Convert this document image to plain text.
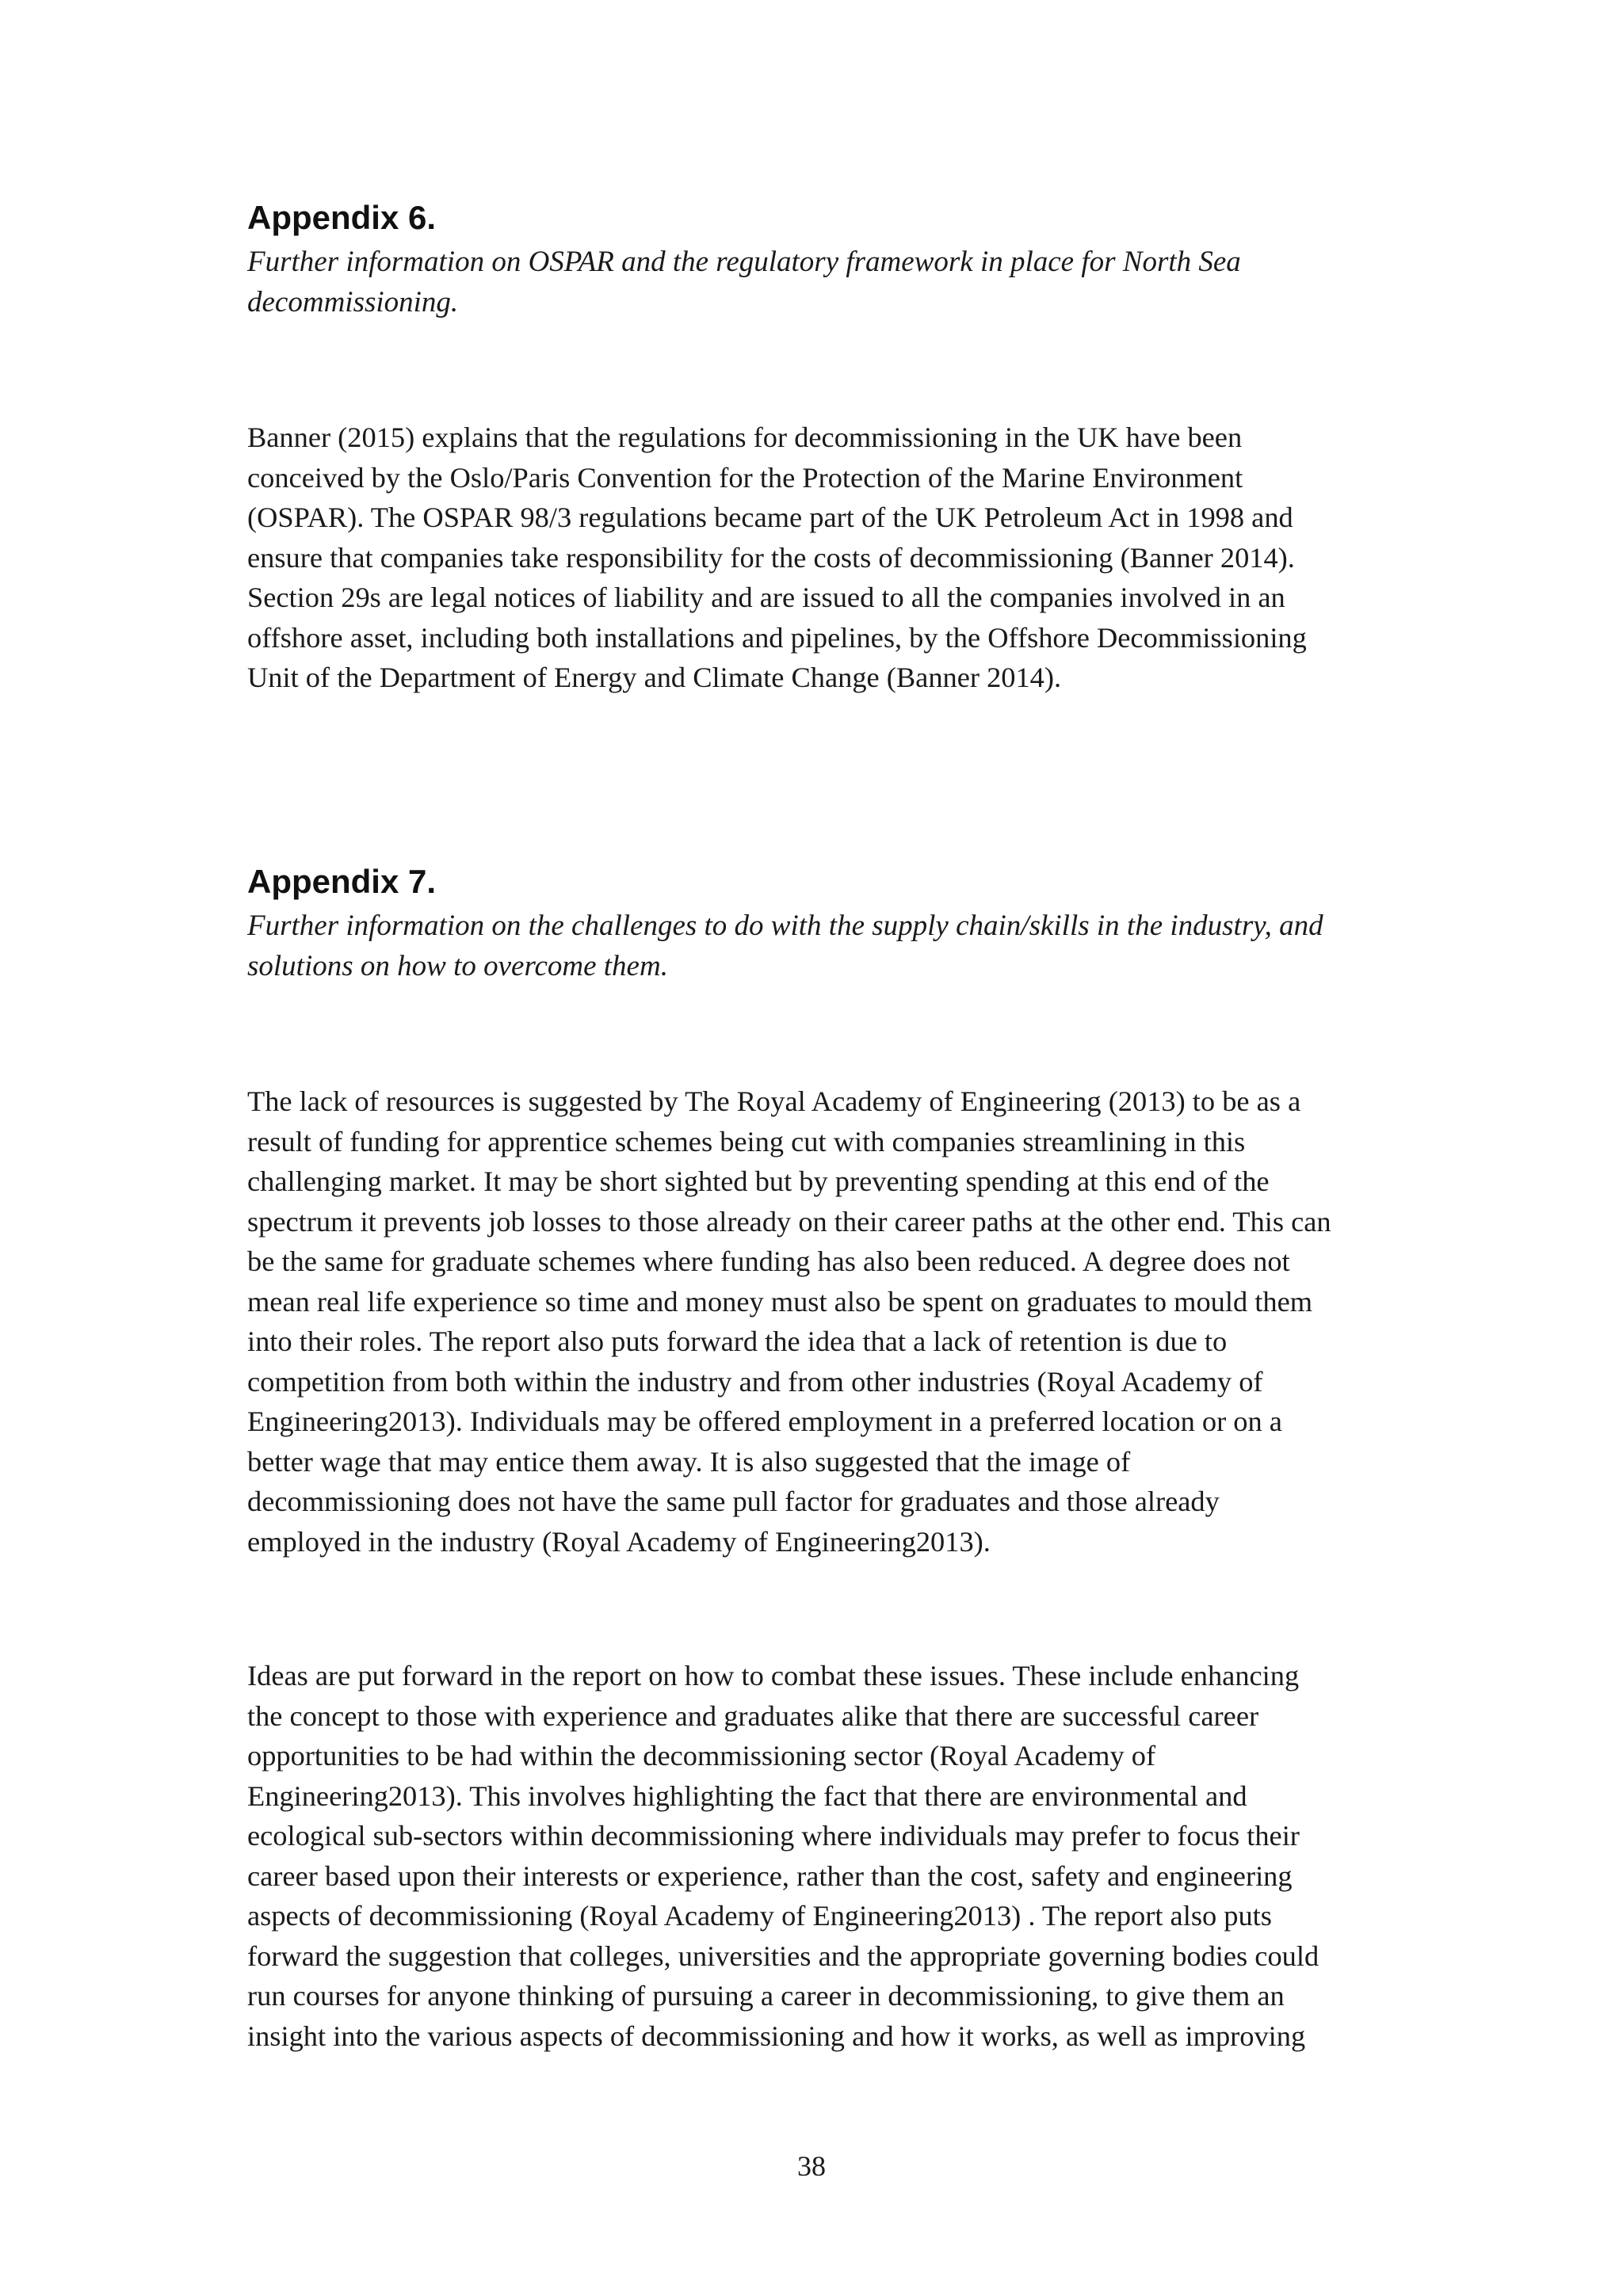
Appendix 6.

Further information on OSPAR and the regulatory framework in place for North Sea
decommissioning.

Banner (2015) explains that the regulations for decommissioning in the UK have been
conceived by the Oslo/Paris Convention for the Protection of the Marine Environment
(OSPAR). The OSPAR 98/3 regulations became part of the UK Petroleum Act in 1998 and
ensure that companies take responsibility for the costs of decommissioning (Banner 2014).
Section 29s are legal notices of liability and are issued to all the companies involved in an
offshore asset, including both installations and pipelines, by the Offshore Decommissioning
Unit of the Department of Energy and Climate Change (Banner 2014).

Appendix 7.

Further information on the challenges to do with the supply chain/skills in the industry, and
solutions on how to overcome them.

The lack of resources is suggested by The Royal Academy of Engineering (2013) to be as a
result of funding for apprentice schemes being cut with companies streamlining in this
challenging market. It may be short sighted but by preventing spending at this end of the
spectrum it prevents job losses to those already on their career paths at the other end. This can
be the same for graduate schemes where funding has also been reduced. A degree does not
mean real life experience so time and money must also be spent on graduates to mould them
into their roles. The report also puts forward the idea that a lack of retention is due to
competition from both within the industry and from other industries (Royal Academy of
Engineering2013). Individuals may be offered employment in a preferred location or on a
better wage that may entice them away. It is also suggested that the image of
decommissioning does not have the same pull factor for graduates and those already
employed in the industry (Royal Academy of Engineering2013).

Ideas are put forward in the report on how to combat these issues. These include enhancing
the concept to those with experience and graduates alike that there are successful career
opportunities to be had within the decommissioning sector (Royal Academy of
Engineering2013). This involves highlighting the fact that there are environmental and
ecological sub-sectors within decommissioning where individuals may prefer to focus their
career based upon their interests or experience, rather than the cost, safety and engineering
aspects of decommissioning (Royal Academy of Engineering2013) . The report also puts
forward the suggestion that colleges, universities and the appropriate governing bodies could
run courses for anyone thinking of pursuing a career in decommissioning, to give them an
insight into the various aspects of decommissioning and how it works, as well as improving

38
